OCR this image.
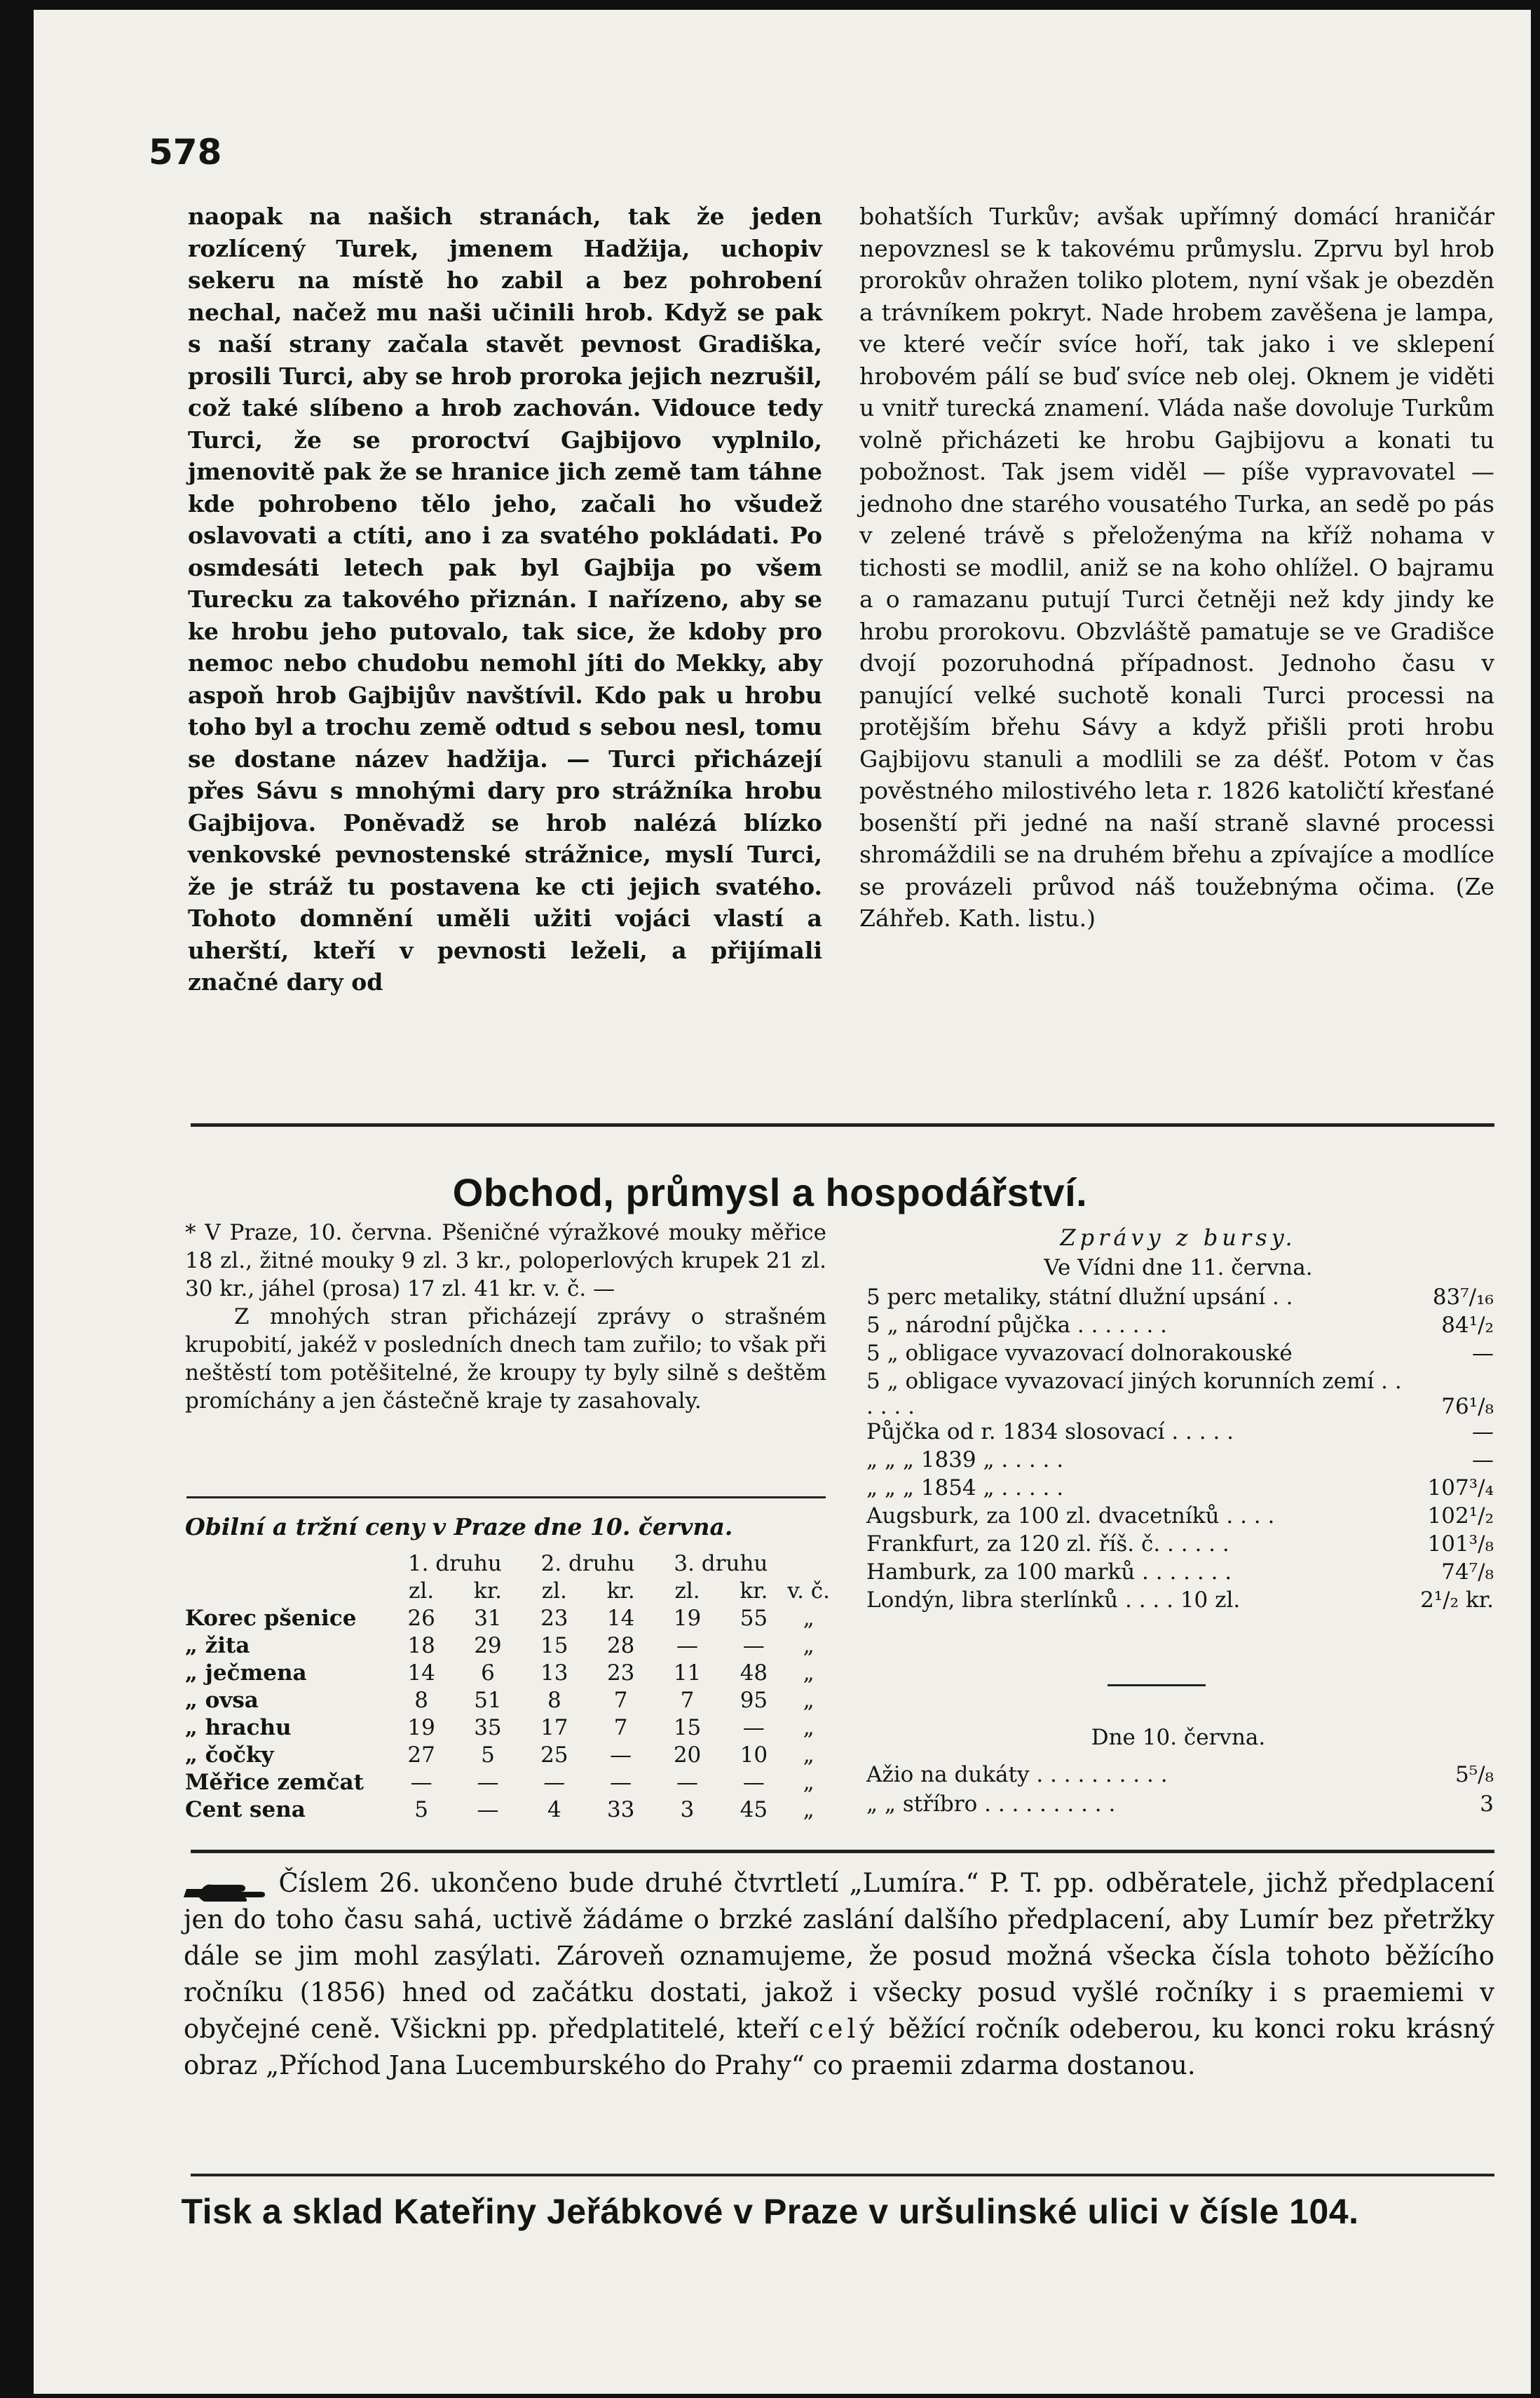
578

naopak na našich stranách, tak že jeden rozlícený Turek, jmenem Hadžija, uchopiv sekeru na místě ho zabil a bez pohrobení nechal, načež mu naši učinili hrob. Když se pak s naší strany začala stavět pevnost Gradiška, prosili Turci, aby se hrob proroka jejich nezrušil, což také slíbeno a hrob zachován. Vidouce tedy Turci, že se proroctví Gajbijovo vyplnilo, jmenovitě pak že se hranice jich země tam táhne kde pohrobeno tělo jeho, začali ho všudež oslavovati a ctíti, ano i za svatého pokládati. Po osmdesáti letech pak byl Gajbija po všem Turecku za takového přiznán. I nařízeno, aby se ke hrobu jeho putovalo, tak sice, že kdoby pro nemoc nebo chudobu nemohl jíti do Mekky, aby aspoň hrob Gajbijův navštívil. Kdo pak u hrobu toho byl a trochu země odtud s sebou nesl, tomu se dostane název hadžija. — Turci přicházejí přes Sávu s mnohými dary pro strážníka hrobu Gajbijova. Poněvadž se hrob nalézá blízko venkovské pevnostenské strážnice, myslí Turci, že je stráž tu postavena ke cti jejich svatého. Tohoto domnění uměli užiti vojáci vlastí a uherští, kteří v pevnosti leželi, a přijímali značné dary od

bohatších Turkův; avšak upřímný domácí hraničár nepovznesl se k takovému průmyslu. Zprvu byl hrob prorokův ohražen toliko plotem, nyní však je obezděn a trávníkem pokryt. Nade hrobem zavěšena je lampa, ve které večír svíce hoří, tak jako i ve sklepení hrobovém pálí se buď svíce neb olej. Oknem je viděti u vnitř turecká znamení. Vláda naše dovoluje Turkům volně přicházeti ke hrobu Gajbijovu a konati tu pobožnost. Tak jsem viděl — píše vypravovatel — jednoho dne starého vousatého Turka, an sedě po pás v zelené trávě s přeloženýma na kříž nohama v tichosti se modlil, aniž se na koho ohlížel. O bajramu a o ramazanu putují Turci četněji než kdy jindy ke hrobu prorokovu. Obzvláště pamatuje se ve Gradišce dvojí pozoruhodná případnost. Jednoho času v panující velké suchotě konali Turci processi na protějším břehu Sávy a když přišli proti hrobu Gajbijovu stanuli a modlili se za déšť. Potom v čas pověstného milostivého leta r. 1826 katoličtí křesťané bosenští při jedné na naší straně slavné processi shromáždili se na druhém břehu a zpívajíce a modlíce se provázeli průvod náš toužebnýma očima. (Ze Záhřeb. Kath. listu.)

Obchod, průmysl a hospodářství.

* V Praze, 10. června. Pšeničné výražkové mouky měřice 18 zl., žitné mouky 9 zl. 3 kr., poloperlových krupek 21 zl. 30 kr., jáhel (prosa) 17 zl. 41 kr. v. č. —

Z mnohých stran přicházejí zprávy o strašném krupobití, jakéž v posledních dnech tam zuřilo; to však při neštěstí tom potěšitelné, že kroupy ty byly silně s deštěm promíchány a jen částečně kraje ty zasahovaly.

Obilní a tržní ceny v Praze dne 10. června.
	1. druhu		2. druhu		3. druhu		
	zl.	kr.	zl.	kr.	zl.	kr.	v. č.
Korec pšenice	26	31	23	14	19	55	„
„ žita	18	29	15	28	—	—	„
„ ječmena	14	6	13	23	11	48	„
„ ovsa	8	51	8	7	7	95	„
„ hrachu	19	35	17	7	15	—	„
„ čočky	27	5	25	—	20	10	„
Měřice zemčat	—	—	—	—	—	—	„
Cent sena	5	—	4	33	3	45	„
Zprávy z bursy.
Ve Vídni dne 11. června.
5 perc metaliky, státní dlužní upsání . .	83⁷/₁₆
5 „ národní půjčka . . . . . . .	84¹/₂
5 „ obligace vyvazovací dolnorakouské	—
5 „ obligace vyvazovací jiných korunních zemí . . . . . .	76¹/₈
Půjčka od r. 1834 slosovací . . . . .	—
„ „ „ 1839 „ . . . . .	—
„ „ „ 1854 „ . . . . .	107³/₄
Augsburk, za 100 zl. dvacetníků . . . .	102¹/₂
Frankfurt, za 120 zl. říš. č. . . . . .	101³/₈
Hamburk, za 100 marků . . . . . . .	74⁷/₈
Londýn, libra sterlínků . . . . 10 zl.	2¹/₂ kr.
Dne 10. června.
Ažio na dukáty . . . . . . . . . .	5⁵/₈
„ „ stříbro . . . . . . . . . .	3
Číslem 26. ukončeno bude druhé čtvrtletí „Lumíra.“ P. T. pp. odběratele, jichž předplacení jen do toho času sahá, uctivě žádáme o brzké zaslání dalšího předplacení, aby Lumír bez přetržky dále se jim mohl zasýlati. Zároveň oznamujeme, že posud možná všecka čísla tohoto běžícího ročníku (1856) hned od začátku dostati, jakož i všecky posud vyšlé ročníky i s praemiemi v obyčejné ceně. Všickni pp. předplatitelé, kteří celý běžící ročník odeberou, ku konci roku krásný obraz „Příchod Jana Lucemburského do Prahy“ co praemii zdarma dostanou.
Tisk a sklad Kateřiny Jeřábkové v Praze v uršulinské ulici v čísle 104.
